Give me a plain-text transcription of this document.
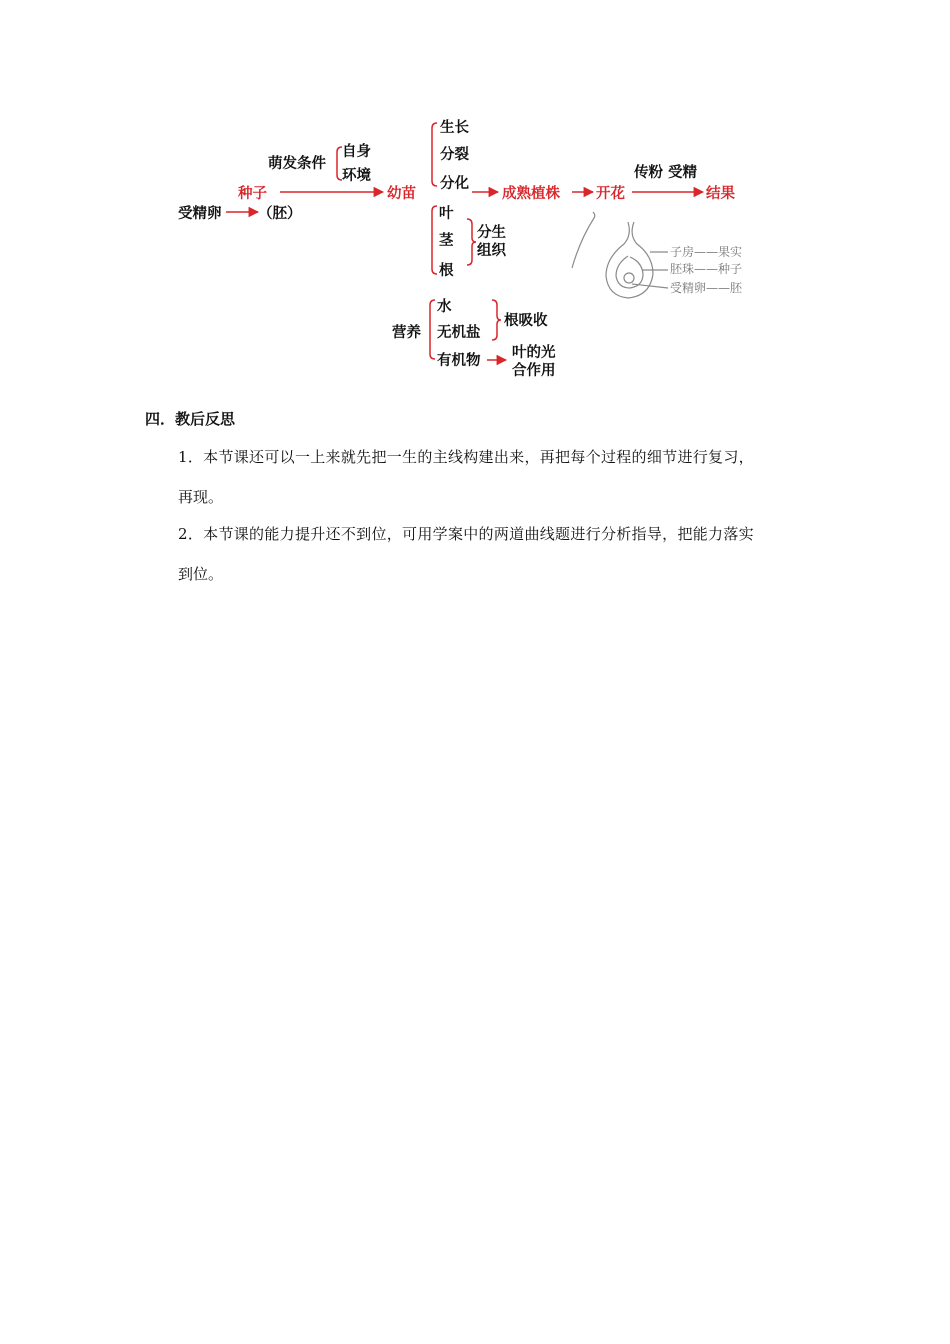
萌发条件
自身
环境
受精卵	（胚）
种子	幼苗
生长
分裂
分化
叶
茎
根
分生
组织
成熟植株 开花
传粉 受精
结果
营养
水
无机盐
有机物
根吸收
叶的光
合作用
子房——果实
胚珠——种子
受精卵——胚
四．教后反思
1．本节课还可以一上来就先把一生的主线构建出来，再把每个过程的细节进行复习，
再现。
2．本节课的能力提升还不到位，可用学案中的两道曲线题进行分析指导，把能力落实
到位。
